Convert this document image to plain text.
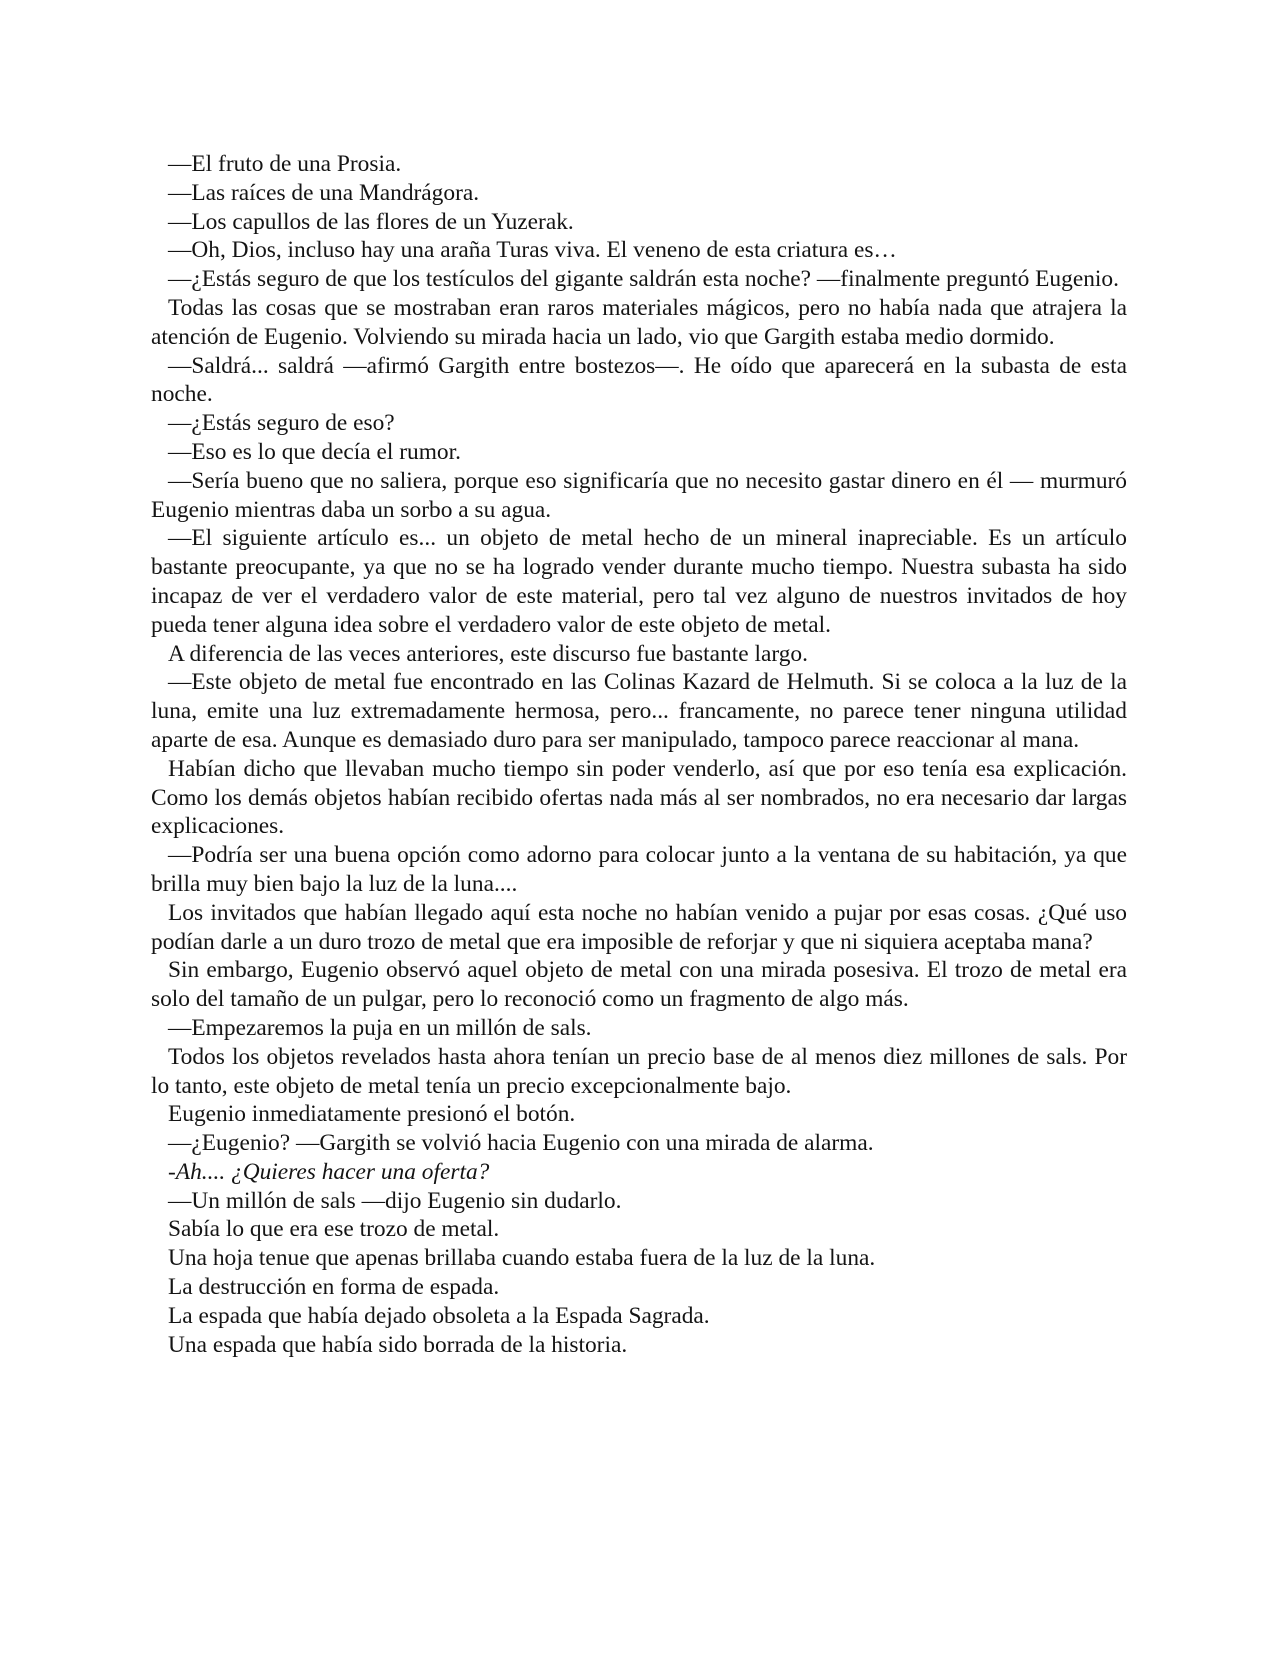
—El fruto de una Prosia.

—Las raíces de una Mandrágora.

—Los capullos de las flores de un Yuzerak.

—Oh, Dios, incluso hay una araña Turas viva. El veneno de esta criatura es…

—¿Estás seguro de que los testículos del gigante saldrán esta noche? —finalmente preguntó Eugenio.

Todas las cosas que se mostraban eran raros materiales mágicos, pero no había nada que atrajera la atención de Eugenio. Volviendo su mirada hacia un lado, vio que Gargith estaba medio dormido.

—Saldrá... saldrá —afirmó Gargith entre bostezos—. He oído que aparecerá en la subasta de esta noche.

—¿Estás seguro de eso?

—Eso es lo que decía el rumor.

—Sería bueno que no saliera, porque eso significaría que no necesito gastar dinero en él — murmuró Eugenio mientras daba un sorbo a su agua.

—El siguiente artículo es... un objeto de metal hecho de un mineral inapreciable. Es un artículo bastante preocupante, ya que no se ha logrado vender durante mucho tiempo. Nuestra subasta ha sido incapaz de ver el verdadero valor de este material, pero tal vez alguno de nuestros invitados de hoy pueda tener alguna idea sobre el verdadero valor de este objeto de metal.

A diferencia de las veces anteriores, este discurso fue bastante largo.

—Este objeto de metal fue encontrado en las Colinas Kazard de Helmuth. Si se coloca a la luz de la luna, emite una luz extremadamente hermosa, pero... francamente, no parece tener ninguna utilidad aparte de esa. Aunque es demasiado duro para ser manipulado, tampoco parece reaccionar al mana.

Habían dicho que llevaban mucho tiempo sin poder venderlo, así que por eso tenía esa explicación. Como los demás objetos habían recibido ofertas nada más al ser nombrados, no era necesario dar largas explicaciones.

—Podría ser una buena opción como adorno para colocar junto a la ventana de su habitación, ya que brilla muy bien bajo la luz de la luna....

Los invitados que habían llegado aquí esta noche no habían venido a pujar por esas cosas. ¿Qué uso podían darle a un duro trozo de metal que era imposible de reforjar y que ni siquiera aceptaba mana?

Sin embargo, Eugenio observó aquel objeto de metal con una mirada posesiva. El trozo de metal era solo del tamaño de un pulgar, pero lo reconoció como un fragmento de algo más.

—Empezaremos la puja en un millón de sals.

Todos los objetos revelados hasta ahora tenían un precio base de al menos diez millones de sals. Por lo tanto, este objeto de metal tenía un precio excepcionalmente bajo.

Eugenio inmediatamente presionó el botón.

—¿Eugenio? —Gargith se volvió hacia Eugenio con una mirada de alarma.

-Ah.... ¿Quieres hacer una oferta?

—Un millón de sals —dijo Eugenio sin dudarlo.

Sabía lo que era ese trozo de metal.

Una hoja tenue que apenas brillaba cuando estaba fuera de la luz de la luna.

La destrucción en forma de espada.

La espada que había dejado obsoleta a la Espada Sagrada.

Una espada que había sido borrada de la historia.
